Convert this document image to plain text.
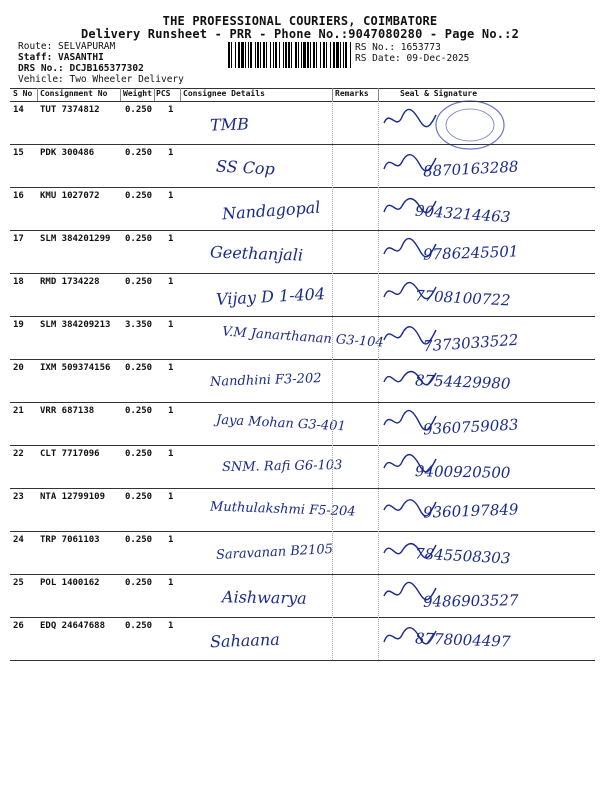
THE PROFESSIONAL COURIERS, COIMBATORE
Delivery Runsheet - PRR - Phone No.:9047080280 - Page No.:2
Route: SELVAPURAM
Staff: VASANTHI
DRS No.: DCJB165377302
Vehicle: Two Wheeler Delivery
RS No.: 1653773
RS Date: 09-Dec-2025
S No Consignment No Weight PCS Consignee Details	Remarks	Seal & Signature
14 TUT 7374812	0.250 1
TMB
15 PDK 300486	0.250 1
SS Cop	8870163288
16 KMU 1027072	0.250 1
Nandagopal	9043214463
17 SLM 384201299 0.250 1
Geethanjali	9786245501
18 RMD 1734228	0.250 1
Vijay D 1-404	7708100722
19 SLM 384209213 3.350 1	V.M Janarthanan G3-104	7373033522
20 IXM 509374156 0.250 1
Nandhini F3-202	8754429980
21 VRR 687138	0.250 1
Jaya Mohan G3-401	9360759083
22 CLT 7717096	0.250 1
SNM. Rafi G6-103	9400920500
23 NTA 12799109 0.250 1
Muthulakshmi F5-204	9360197849
24 TRP 7061103	0.250 1
Saravanan B2105	7845508303
25 POL 1400162	0.250 1
Aishwarya	9486903527
26 EDQ 24647688 0.250 1
Sahaana	8778004497
